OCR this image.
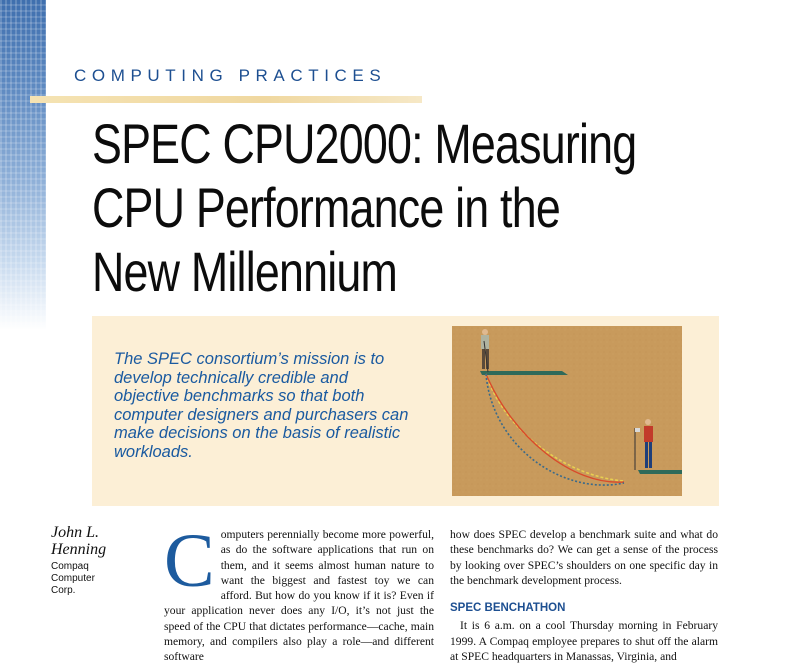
COMPUTING PRACTICES
SPEC CPU2000: Measuring
CPU Performance in the
New Millennium

The SPEC consortium’s mission is to develop technically credible and objective benchmarks so that both computer designers and purchasers can make decisions on the basis of realistic workloads.

John L.
Henning

Compaq
Computer
Corp.	C omputers perennially become more powerful, as do the software applications that run on them, and it seems almost human nature to want the biggest and fastest toy we can afford. But how do you know if it is? Even if your application never does any I/O, it’s not just the speed of the CPU that dictates performance—cache, main memory, and compilers also play a role—and different software

how does SPEC develop a benchmark suite and what do these benchmarks do? We can get a sense of the process by looking over SPEC’s shoulders on one specific day in the benchmark development process.

SPEC BENCHATHON

It is 6 a.m. on a cool Thursday morning in February 1999. A Compaq employee prepares to shut off the alarm at SPEC headquarters in Manassas, Virginia, and
